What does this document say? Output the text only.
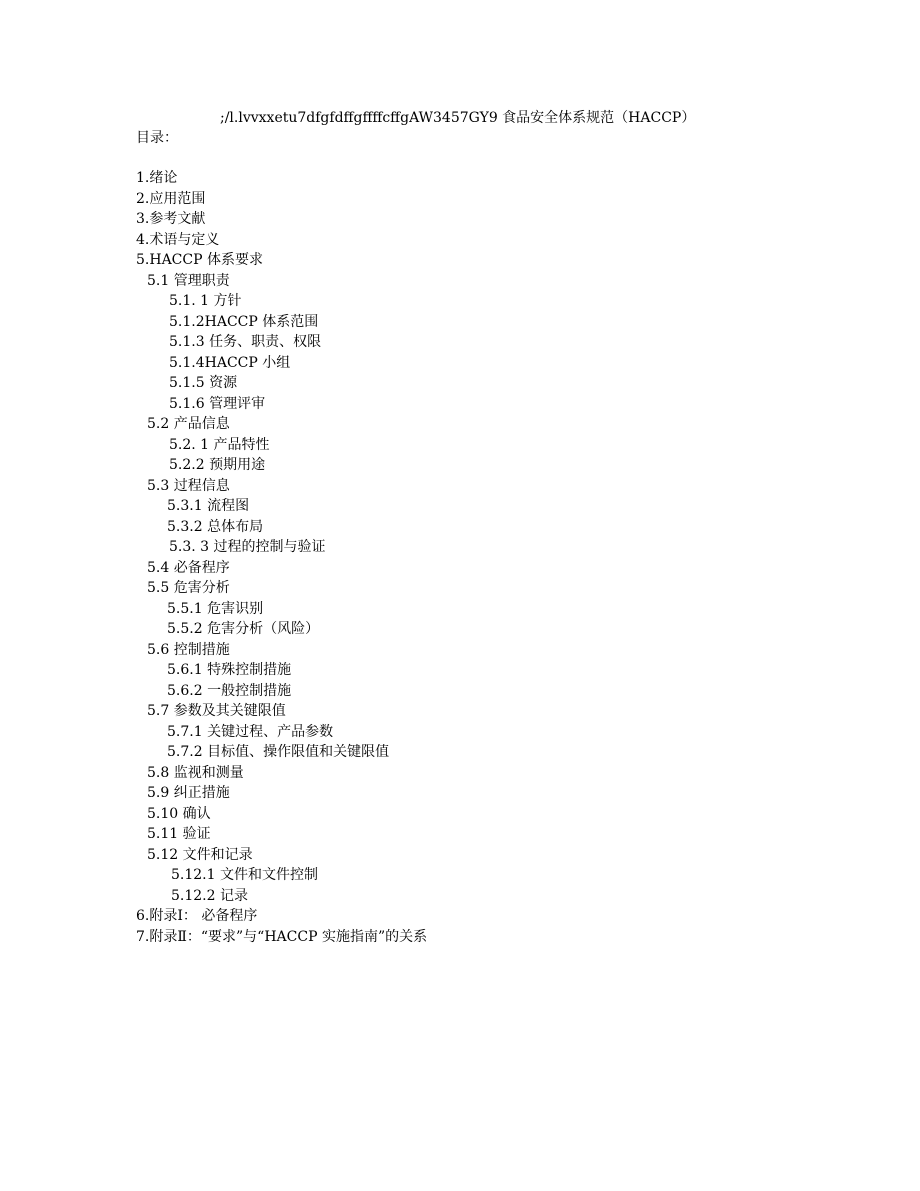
;/l.lvvxxetu7dfgfdffgffffcffgAW3457GY9 食品安全体系规范（HACCP）
目录：
1.绪论
2.应用范围
3.参考文献
4.术语与定义
5.HACCP 体系要求
5.1 管理职责
5.1. 1 方针
5.1.2HACCP 体系范围
5.1.3 任务、职责、权限
5.1.4HACCP 小组
5.1.5 资源
5.1.6 管理评审
5.2 产品信息
5.2. 1 产品特性
5.2.2 预期用途
5.3 过程信息
5.3.1 流程图
5.3.2 总体布局
5.3. 3 过程的控制与验证
5.4 必备程序
5.5 危害分析
5.5.1 危害识别
5.5.2 危害分析（风险）
5.6 控制措施
5.6.1 特殊控制措施
5.6.2 一般控制措施
5.7 参数及其关键限值
5.7.1 关键过程、产品参数
5.7.2 目标值、操作限值和关键限值
5.8 监视和测量
5.9 纠正措施
5.10 确认
5.11 验证
5.12 文件和记录
5.12.1 文件和文件控制
5.12.2 记录
6.附录Ⅰ： 必备程序
7.附录Ⅱ：“要求”与“HACCP 实施指南”的关系
